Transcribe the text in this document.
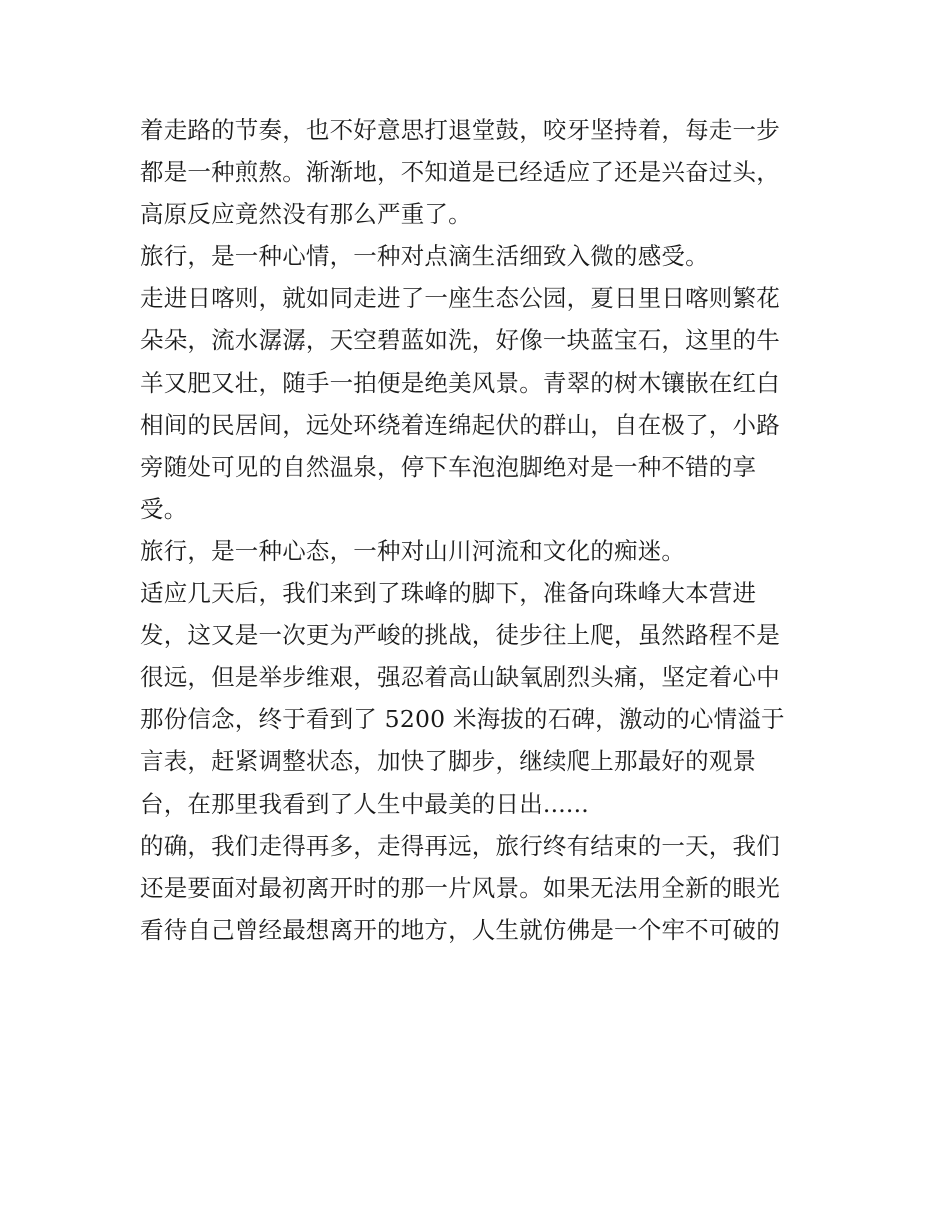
着走路的节奏，也不好意思打退堂鼓，咬牙坚持着，每走一步
都是一种煎熬。渐渐地，不知道是已经适应了还是兴奋过头，
高原反应竟然没有那么严重了。
旅行，是一种心情，一种对点滴生活细致入微的感受。
走进日喀则，就如同走进了一座生态公园，夏日里日喀则繁花
朵朵，流水潺潺，天空碧蓝如洗，好像一块蓝宝石，这里的牛
羊又肥又壮，随手一拍便是绝美风景。青翠的树木镶嵌在红白
相间的民居间，远处环绕着连绵起伏的群山，自在极了，小路
旁随处可见的自然温泉，停下车泡泡脚绝对是一种不错的享
受。
旅行，是一种心态，一种对山川河流和文化的痴迷。
适应几天后，我们来到了珠峰的脚下，准备向珠峰大本营进
发，这又是一次更为严峻的挑战，徒步往上爬，虽然路程不是
很远，但是举步维艰，强忍着高山缺氧剧烈头痛，坚定着心中
那份信念，终于看到了 5200 米海拔的石碑，激动的心情溢于
言表，赶紧调整状态，加快了脚步，继续爬上那最好的观景
台，在那里我看到了人生中最美的日出......
的确，我们走得再多，走得再远，旅行终有结束的一天，我们
还是要面对最初离开时的那一片风景。如果无法用全新的眼光
看待自己曾经最想离开的地方，人生就仿佛是一个牢不可破的
